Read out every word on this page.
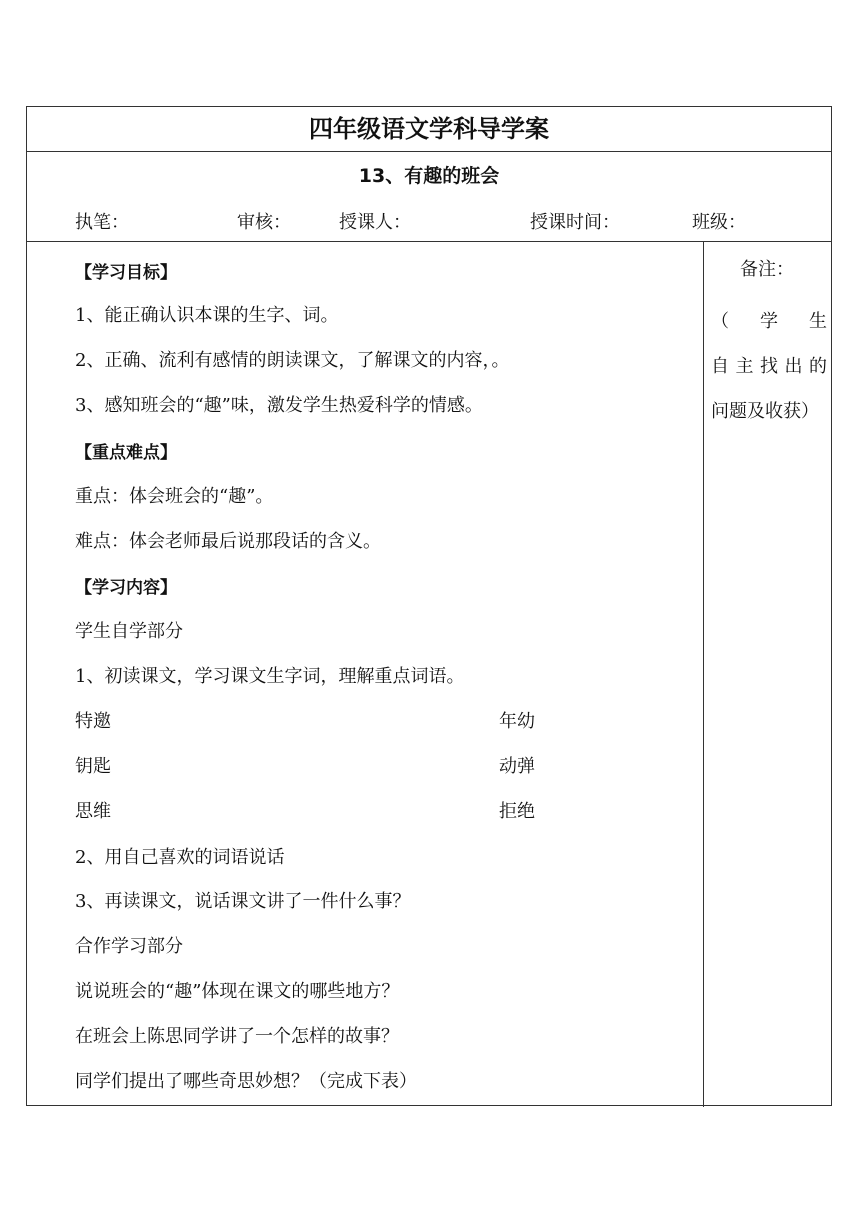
四年级语文学科导学案
13、有趣的班会
执笔：	审核：	授课人：	授课时间：	班级：
【学习目标】
1、能正确认识本课的生字、词。
2、正确、流利有感情的朗读课文，了解课文的内容，。
3、感知班会的“趣”味，激发学生热爱科学的情感。
【重点难点】
重点：体会班会的“趣”。
难点：体会老师最后说那段话的含义。
【学习内容】
学生自学部分
1、初读课文，学习课文生字词，理解重点词语。
特邀	年幼
钥匙	动弹
思维	拒绝
2、用自己喜欢的词语说话
3、再读课文，说话课文讲了一件什么事？
合作学习部分
说说班会的“趣”体现在课文的哪些地方？
在班会上陈思同学讲了一个怎样的故事？
同学们提出了哪些奇思妙想？（完成下表）
备注：
（学生
自主找出的
问题及收获）
